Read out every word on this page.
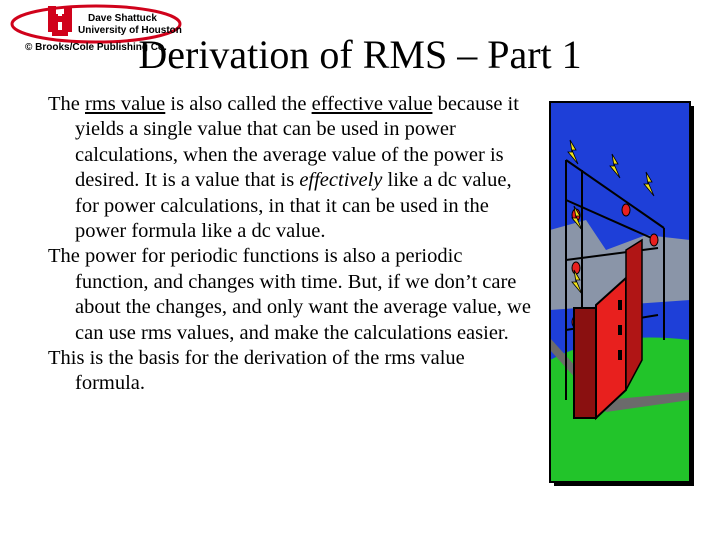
Dave Shattuck
University of Houston
© Brooks/Cole Publishing Co.
Derivation of RMS – Part 1

The rms value is also called the effective value because it yields a single value that can be used in power calculations, when the average value of the power is desired. It is a value that is effectively like a dc value, for power calculations, in that it can be used in the power formula like a dc value.

The power for periodic functions is also a periodic function, and changes with time. But, if we don’t care about the changes, and only want the average value, we can use rms values, and make the calculations easier.

This is the basis for the derivation of the rms value formula.
